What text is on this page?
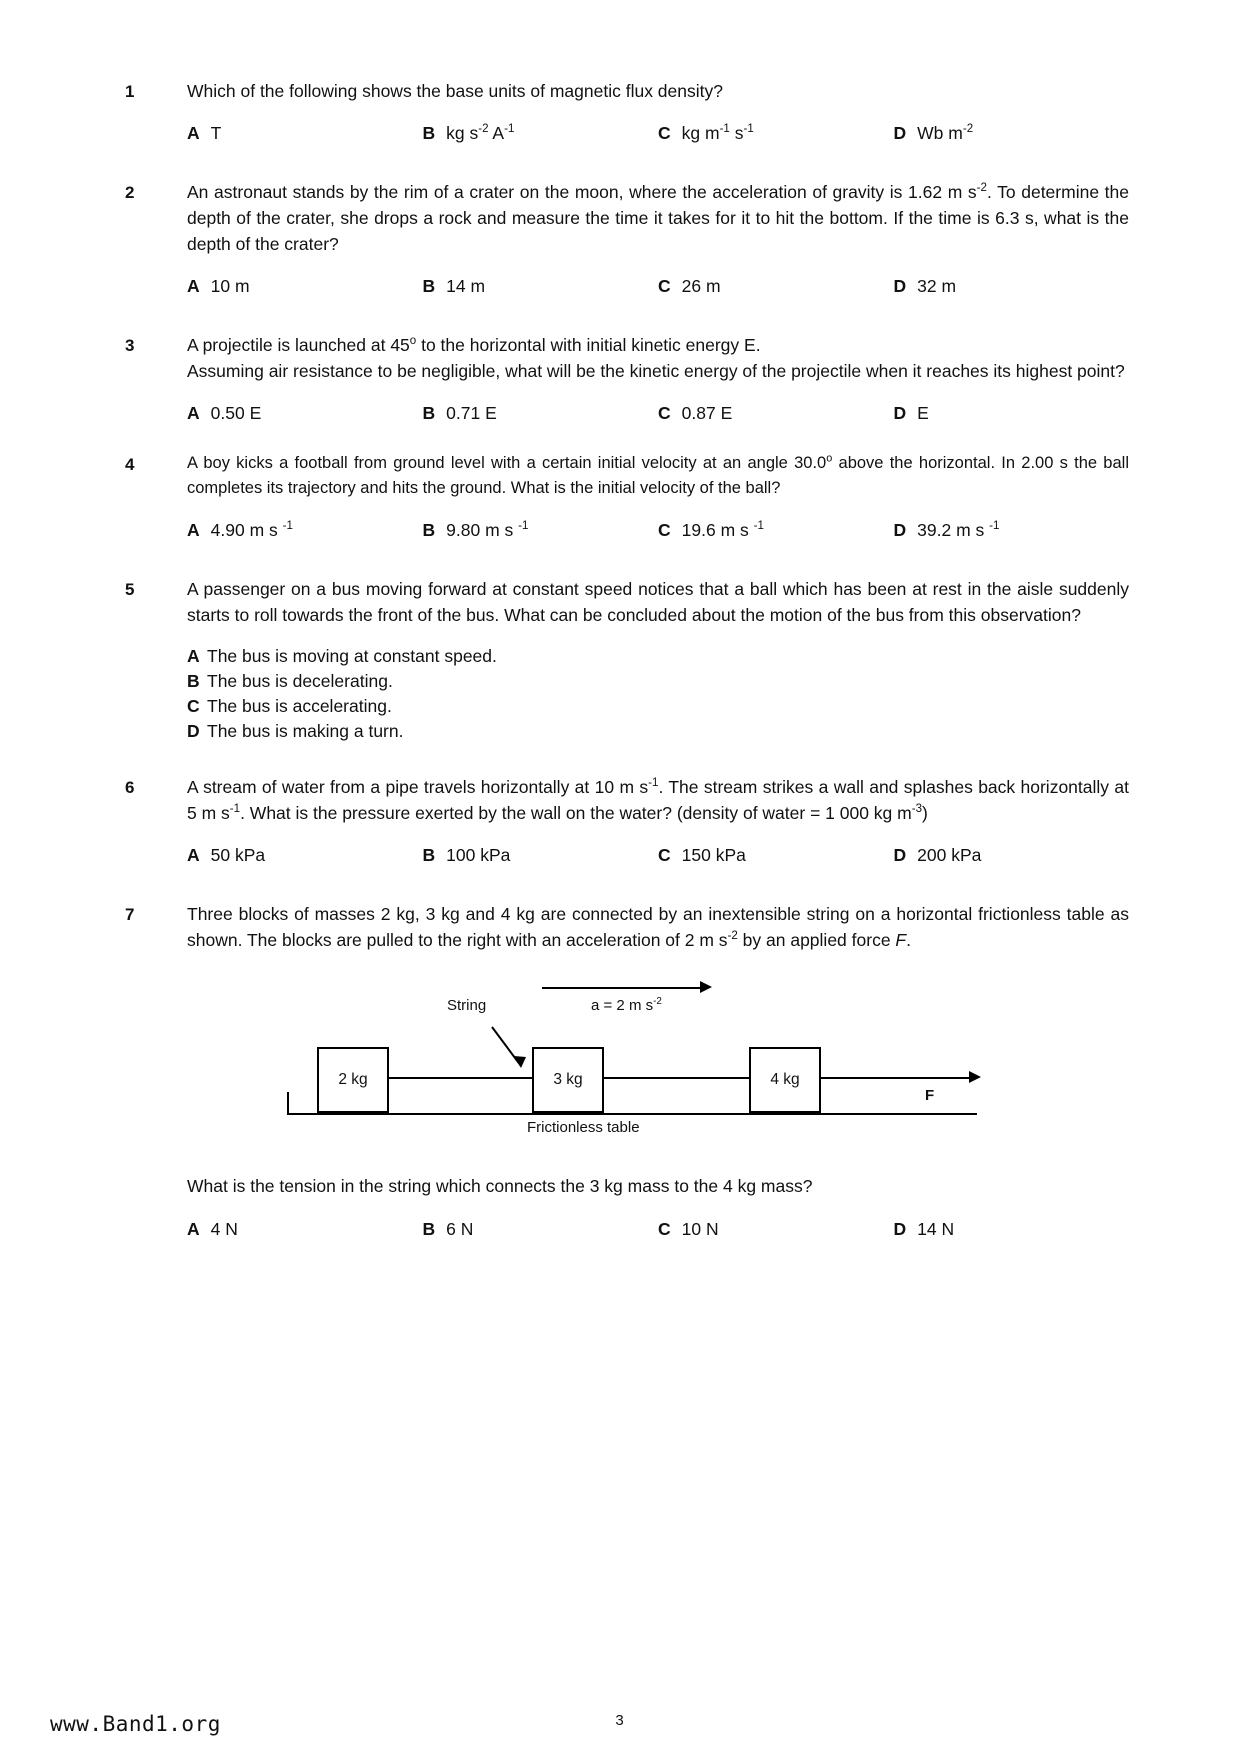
1	Which of the following shows the base units of magnetic flux density?

A T	B kg $s^{-2}$ $A^{-1}$	C kg $m^{-1}$ $s^{-1}$	D Wb $m^{-2}$
2	An astronaut stands by the rim of a crater on the moon, where the acceleration of gravity is 1.62 m $s^{-2}$. To determine the depth of the crater, she drops a rock and measure the time it takes for it to hit the bottom. If the time is 6.3 s, what is the depth of the crater?

A 10 m	B 14 m	C 26 m	D 32 m
3	A projectile is launched at 45$^o$ to the horizontal with initial kinetic energy E.
Assuming air resistance to be negligible, what will be the kinetic energy of the projectile when it reaches its highest point?

A 0.50 E	B 0.71 E	C 0.87 E	D E
4	A boy kicks a football from ground level with a certain initial velocity at an angle 30.0$^o$ above the horizontal. In 2.00 s the ball completes its trajectory and hits the ground. What is the initial velocity of the ball?

A 4.90 m s $^{-1}$	B 9.80 m s $^{-1}$	C 19.6 m s $^{-1}$	D 39.2 m s $^{-1}$
5	A passenger on a bus moving forward at constant speed notices that a ball which has been at rest in the aisle suddenly starts to roll towards the front of the bus. What can be concluded about the motion of the bus from this observation?

A The bus is moving at constant speed.
B The bus is decelerating.
C The bus is accelerating.
D The bus is making a turn.
6	A stream of water from a pipe travels horizontally at 10 m $s^{-1}$. The stream strikes a wall and splashes back horizontally at 5 m $s^{-1}$. What is the pressure exerted by the wall on the water? (density of water = 1 000 kg $m^{-3}$)

A 50 kPa	B 100 kPa	C 150 kPa	D 200 kPa
7	Three blocks of masses 2 kg, 3 kg and 4 kg are connected by an inextensible string on a horizontal frictionless table as shown. The blocks are pulled to the right with an acceleration of 2 m $s^{-2}$ by an applied force F.

a = 2 m $s^{-2}$
String
F
2 kg	3 kg	4 kg
Frictionless table

What is the tension in the string which connects the 3 kg mass to the 4 kg mass?

A 4 N	B 6 N	C 10 N	D 14 N
www.Band1.org	3
